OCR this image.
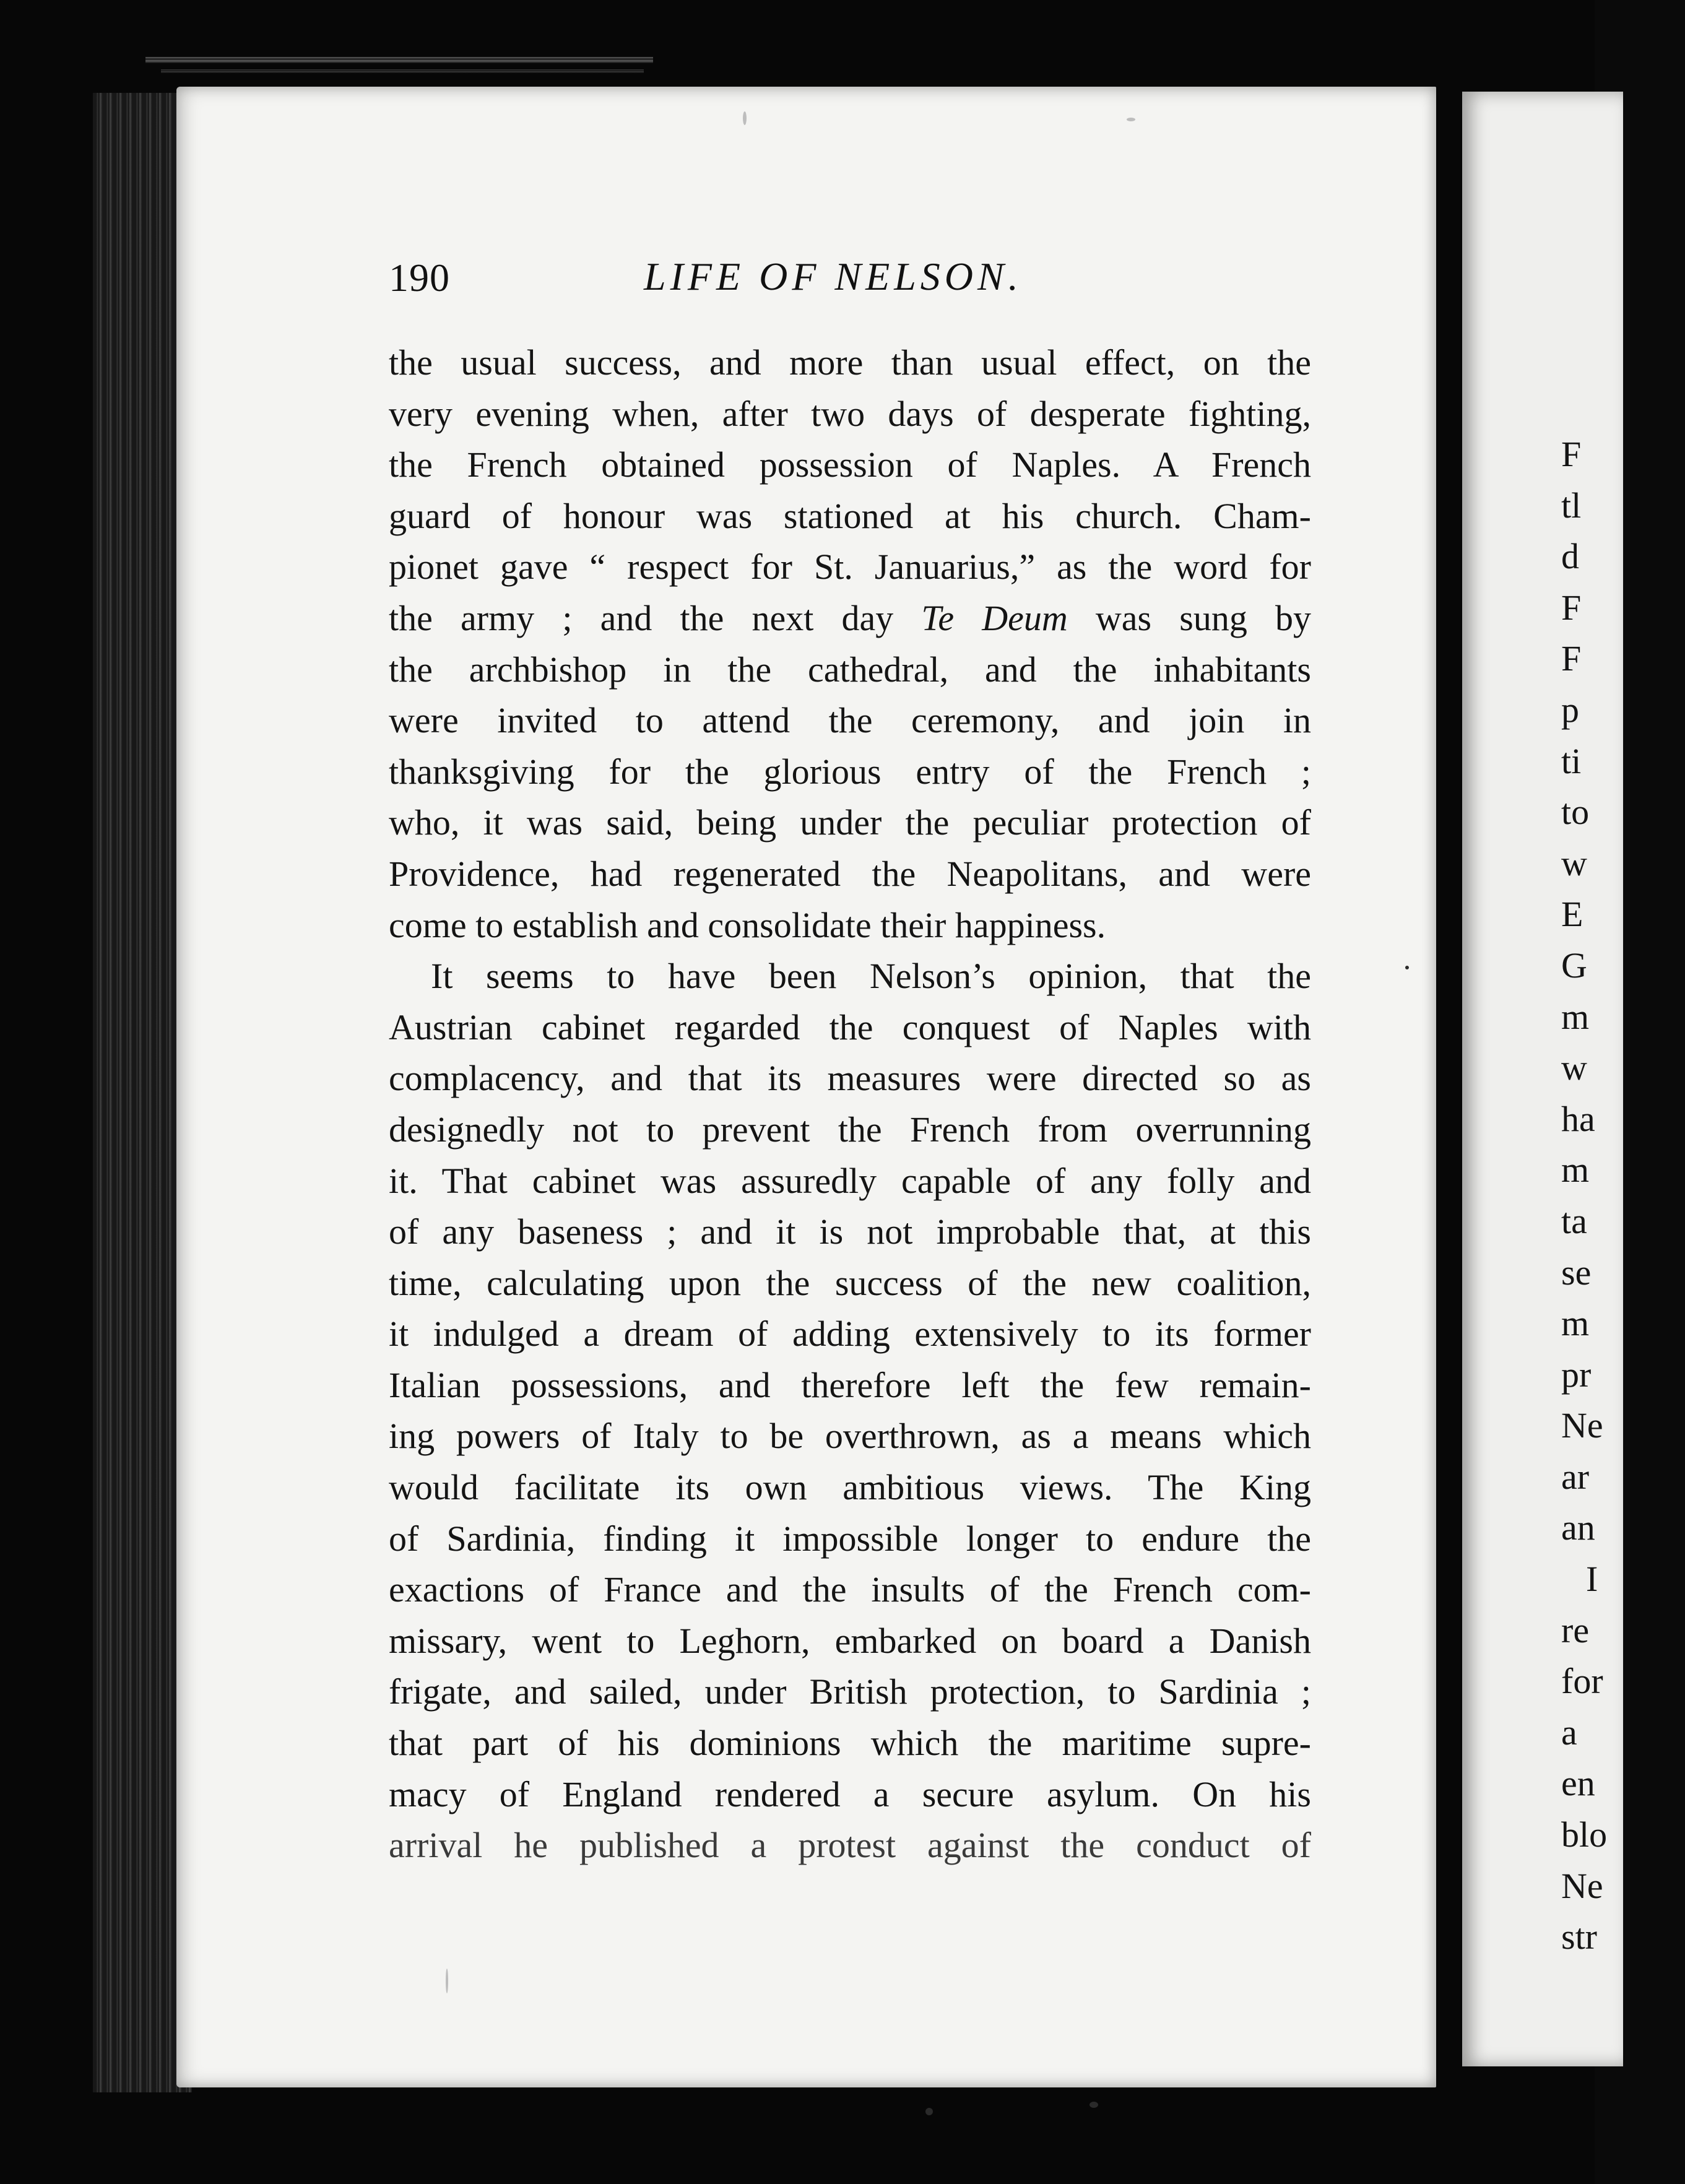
F
tl
d
F
F
p
ti
to
w
E
G
m
w
ha
m
ta
se
m
pr
Ne
ar
an
I
re
for
a
en
blo
Ne
str
190	LIFE OF NELSON.
the usual success, and more than usual effect, on the
very evening when, after two days of desperate fighting,
the French obtained possession of Naples. A French
guard of honour was stationed at his church. Cham-
pionet gave “ respect for St. Januarius,” as the word for
the army ; and the next day Te Deum was sung by
the archbishop in the cathedral, and the inhabitants
were invited to attend the ceremony, and join in
thanksgiving for the glorious entry of the French ;
who, it was said, being under the peculiar protection of
Providence, had regenerated the Neapolitans, and were
come to establish and consolidate their happiness.
It seems to have been Nelson’s opinion, that the
Austrian cabinet regarded the conquest of Naples with
complacency, and that its measures were directed so as
designedly not to prevent the French from overrunning
it. That cabinet was assuredly capable of any folly and
of any baseness ; and it is not improbable that, at this
time, calculating upon the success of the new coalition,
it indulged a dream of adding extensively to its former
Italian possessions, and therefore left the few remain-
ing powers of Italy to be overthrown, as a means which
would facilitate its own ambitious views. The King
of Sardinia, finding it impossible longer to endure the
exactions of France and the insults of the French com-
missary, went to Leghorn, embarked on board a Danish
frigate, and sailed, under British protection, to Sardinia ;
that part of his dominions which the maritime supre-
macy of England rendered a secure asylum. On his
arrival he published a protest against the conduct of
